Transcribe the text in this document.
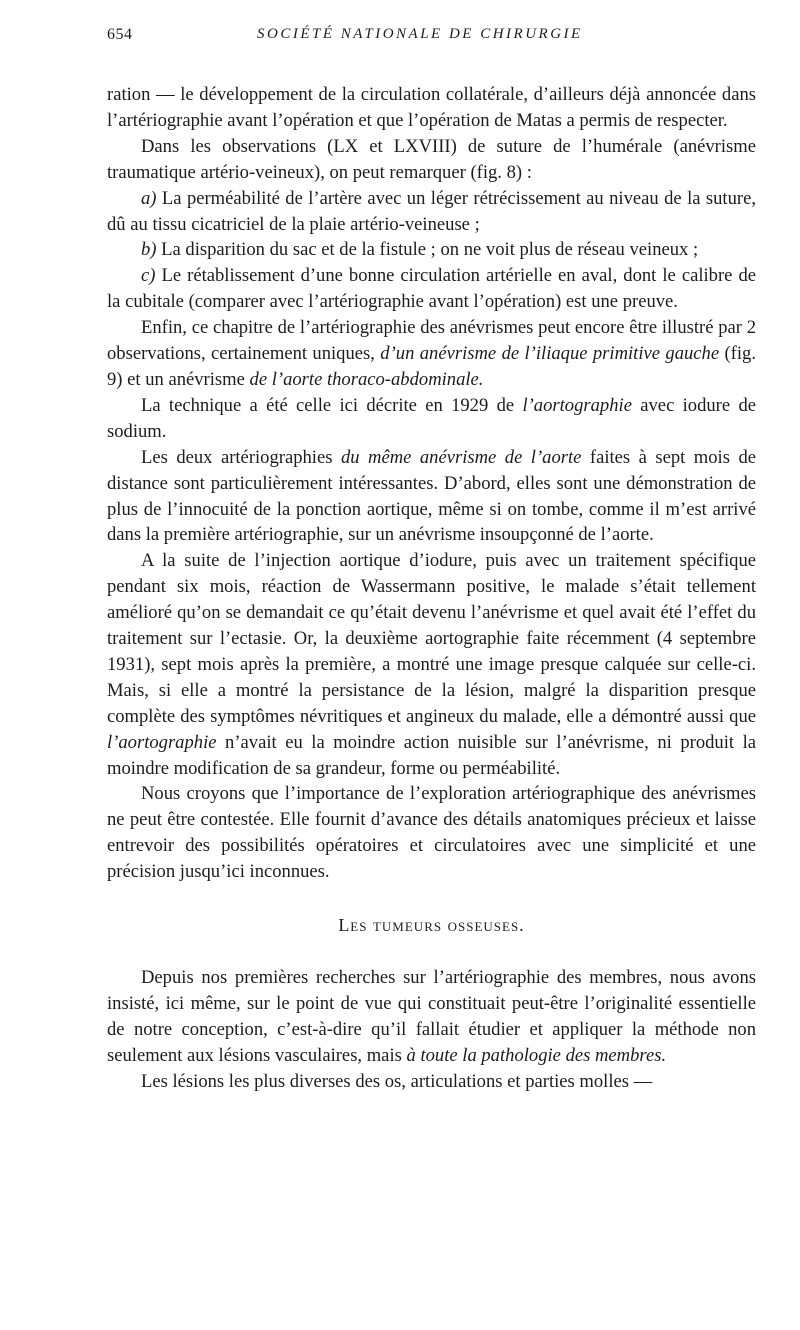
654	SOCIÉTÉ NATIONALE DE CHIRURGIE

ration — le développement de la circulation collatérale, d’ailleurs déjà annoncée dans l’artériographie avant l’opération et que l’opération de Matas a permis de respecter.

Dans les observations (LX et LXVIII) de suture de l’humérale (anévrisme traumatique artério-veineux), on peut remarquer (fig. 8) :

a) La perméabilité de l’artère avec un léger rétrécissement au niveau de la suture, dû au tissu cicatriciel de la plaie artério-veineuse ;

b) La disparition du sac et de la fistule ; on ne voit plus de réseau veineux ;

c) Le rétablissement d’une bonne circulation artérielle en aval, dont le calibre de la cubitale (comparer avec l’artériographie avant l’opération) est une preuve.

Enfin, ce chapitre de l’artériographie des anévrismes peut encore être illustré par 2 observations, certainement uniques, d’un anévrisme de l’iliaque primitive gauche (fig. 9) et un anévrisme de l’aorte thoraco-abdominale.

La technique a été celle ici décrite en 1929 de l’aortographie avec iodure de sodium.

Les deux artériographies du même anévrisme de l’aorte faites à sept mois de distance sont particulièrement intéressantes. D’abord, elles sont une démonstration de plus de l’innocuité de la ponction aortique, même si on tombe, comme il m’est arrivé dans la première artériographie, sur un anévrisme insoupçonné de l’aorte.

A la suite de l’injection aortique d’iodure, puis avec un traitement spécifique pendant six mois, réaction de Wassermann positive, le malade s’était tellement amélioré qu’on se demandait ce qu’était devenu l’anévrisme et quel avait été l’effet du traitement sur l’ectasie. Or, la deuxième aortographie faite récemment (4 septembre 1931), sept mois après la première, a montré une image presque calquée sur celle-ci. Mais, si elle a montré la persistance de la lésion, malgré la disparition presque complète des symptômes névritiques et angineux du malade, elle a démontré aussi que l’aortographie n’avait eu la moindre action nuisible sur l’anévrisme, ni produit la moindre modification de sa grandeur, forme ou perméabilité.

Nous croyons que l’importance de l’exploration artériographique des anévrismes ne peut être contestée. Elle fournit d’avance des détails anatomiques précieux et laisse entrevoir des possibilités opératoires et circulatoires avec une simplicité et une précision jusqu’ici inconnues.

Les tumeurs osseuses.

Depuis nos premières recherches sur l’artériographie des membres, nous avons insisté, ici même, sur le point de vue qui constituait peut-être l’originalité essentielle de notre conception, c’est-à-dire qu’il fallait étudier et appliquer la méthode non seulement aux lésions vasculaires, mais à toute la pathologie des membres.

Les lésions les plus diverses des os, articulations et parties molles —
